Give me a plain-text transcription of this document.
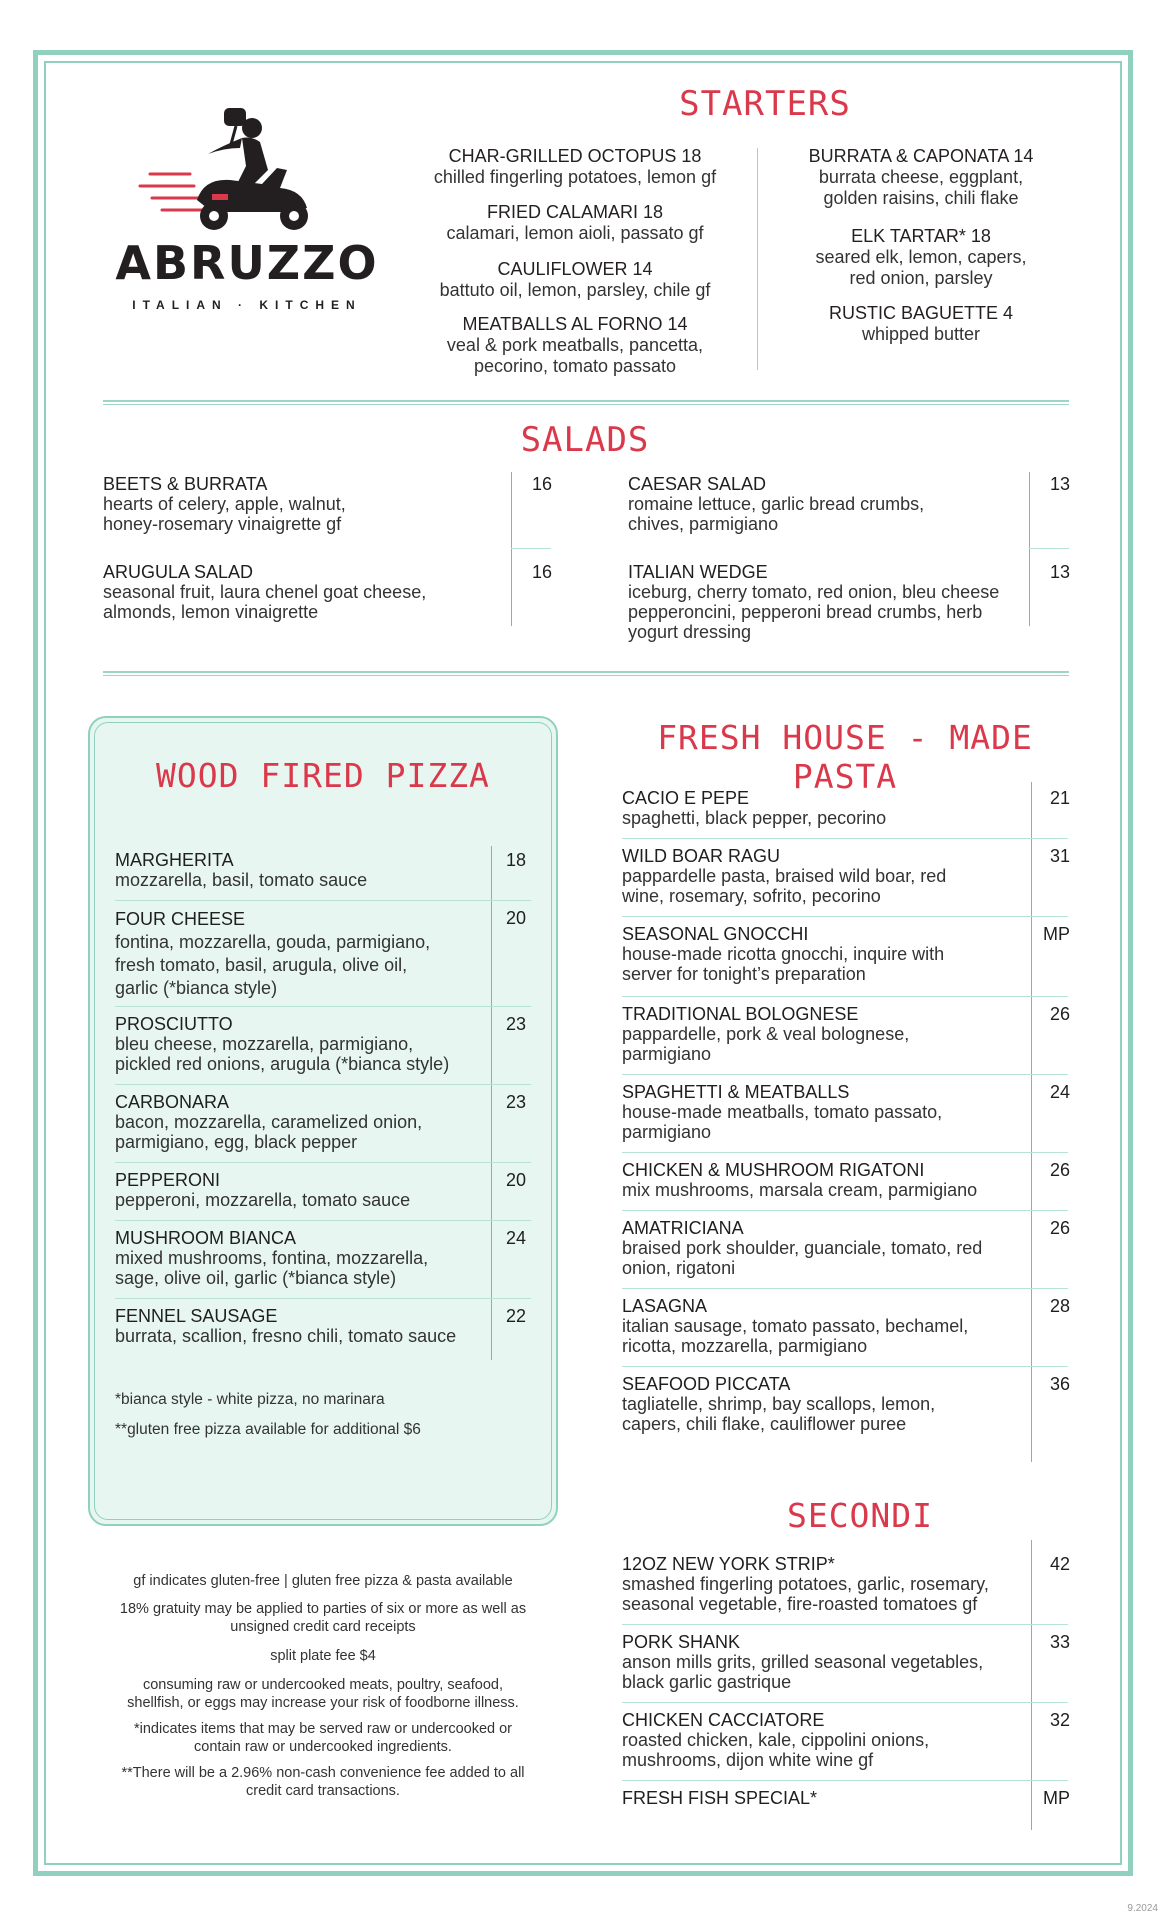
ABRUZZO
ITALIAN · KITCHEN
STARTERS
CHAR-GRILLED OCTOPUS 18
chilled fingerling potatoes, lemon gf
FRIED CALAMARI 18
calamari, lemon aioli, passato gf
CAULIFLOWER 14
battuto oil, lemon, parsley, chile gf
MEATBALLS AL FORNO 14
veal & pork meatballs, pancetta,
pecorino, tomato passato
BURRATA & CAPONATA 14
burrata cheese, eggplant,
golden raisins, chili flake
ELK TARTAR* 18
seared elk, lemon, capers,
red onion, parsley
RUSTIC BAGUETTE 4
whipped butter
SALADS
BEETS & BURRATA
hearts of celery, apple, walnut,
honey-rosemary vinaigrette gf
16
ARUGULA SALAD
seasonal fruit, laura chenel goat cheese,
almonds, lemon vinaigrette
16
CAESAR SALAD
romaine lettuce, garlic bread crumbs,
chives, parmigiano
13
ITALIAN WEDGE
iceburg, cherry tomato, red onion, bleu cheese
pepperoncini, pepperoni bread crumbs, herb
yogurt dressing
13
WOOD FIRED PIZZA
MARGHERITA
mozzarella, basil, tomato sauce
18
FOUR CHEESE
fontina, mozzarella, gouda, parmigiano,
fresh tomato, basil, arugula, olive oil,
garlic (*bianca style)
20
PROSCIUTTO
bleu cheese, mozzarella, parmigiano,
pickled red onions, arugula (*bianca style)
23
CARBONARA
bacon, mozzarella, caramelized onion,
parmigiano, egg, black pepper
23
PEPPERONI
pepperoni, mozzarella, tomato sauce
20
MUSHROOM BIANCA
mixed mushrooms, fontina, mozzarella,
sage, olive oil, garlic (*bianca style)
24
FENNEL SAUSAGE
burrata, scallion, fresno chili, tomato sauce
22
*bianca style - white pizza, no marinara
**gluten free pizza available for additional $6
gf indicates gluten-free | gluten free pizza & pasta available
18% gratuity may be applied to parties of six or more as well as
unsigned credit card receipts
split plate fee $4
consuming raw or undercooked meats, poultry, seafood,
shellfish, or eggs may increase your risk of foodborne illness.
*indicates items that may be served raw or undercooked or
contain raw or undercooked ingredients.
**There will be a 2.96% non-cash convenience fee added to all
credit card transactions.
FRESH HOUSE - MADE PASTA
CACIO E PEPE
spaghetti, black pepper, pecorino
21
WILD BOAR RAGU
pappardelle pasta, braised wild boar, red
wine, rosemary, sofrito, pecorino
31
SEASONAL GNOCCHI
house-made ricotta gnocchi, inquire with
server for tonight’s preparation
MP
TRADITIONAL BOLOGNESE
pappardelle, pork & veal bolognese,
parmigiano
26
SPAGHETTI & MEATBALLS
house-made meatballs, tomato passato,
parmigiano
24
CHICKEN & MUSHROOM RIGATONI
mix mushrooms, marsala cream, parmigiano
26
AMATRICIANA
braised pork shoulder, guanciale, tomato, red
onion, rigatoni
26
LASAGNA
italian sausage, tomato passato, bechamel,
ricotta, mozzarella, parmigiano
28
SEAFOOD PICCATA
tagliatelle, shrimp, bay scallops, lemon,
capers, chili flake, cauliflower puree
36
SECONDI
12OZ NEW YORK STRIP*
smashed fingerling potatoes, garlic, rosemary,
seasonal vegetable, fire-roasted tomatoes gf
42
PORK SHANK
anson mills grits, grilled seasonal vegetables,
black garlic gastrique
33
CHICKEN CACCIATORE
roasted chicken, kale, cippolini onions,
mushrooms, dijon white wine gf
32
FRESH FISH SPECIAL*	MP
9.2024
